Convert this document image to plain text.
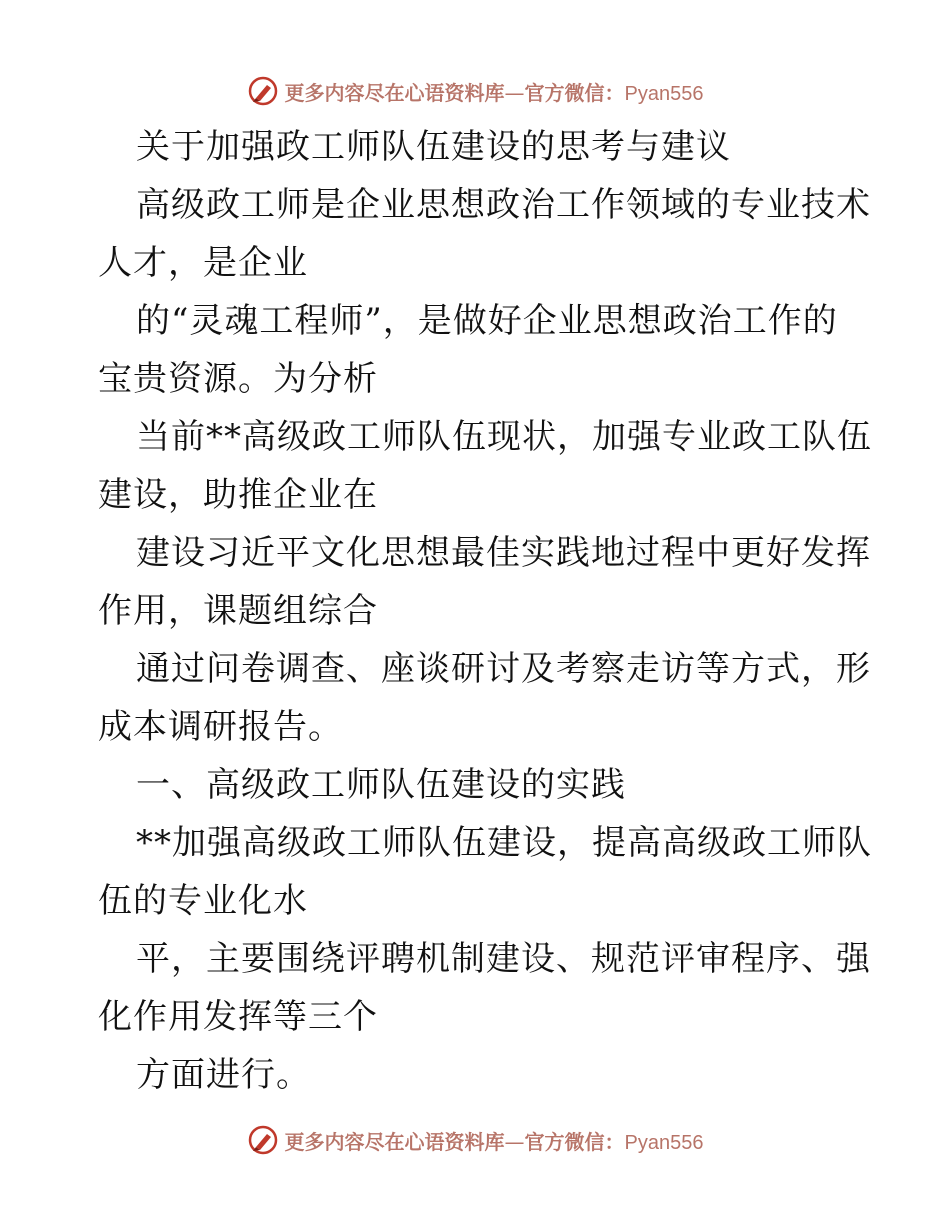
更多内容尽在心语资料库—官方微信：Pyan556
关于加强政工师队伍建设的思考与建议
高级政工师是企业思想政治工作领域的专业技术
人才，是企业
的“灵魂工程师”，是做好企业思想政治工作的
宝贵资源。为分析
当前**高级政工师队伍现状，加强专业政工队伍
建设，助推企业在
建设习近平文化思想最佳实践地过程中更好发挥
作用，课题组综合
通过问卷调查、座谈研讨及考察走访等方式，形
成本调研报告。
一、高级政工师队伍建设的实践
**加强高级政工师队伍建设，提高高级政工师队
伍的专业化水
平，主要围绕评聘机制建设、规范评审程序、强
化作用发挥等三个
方面进行。
更多内容尽在心语资料库—官方微信：Pyan556
